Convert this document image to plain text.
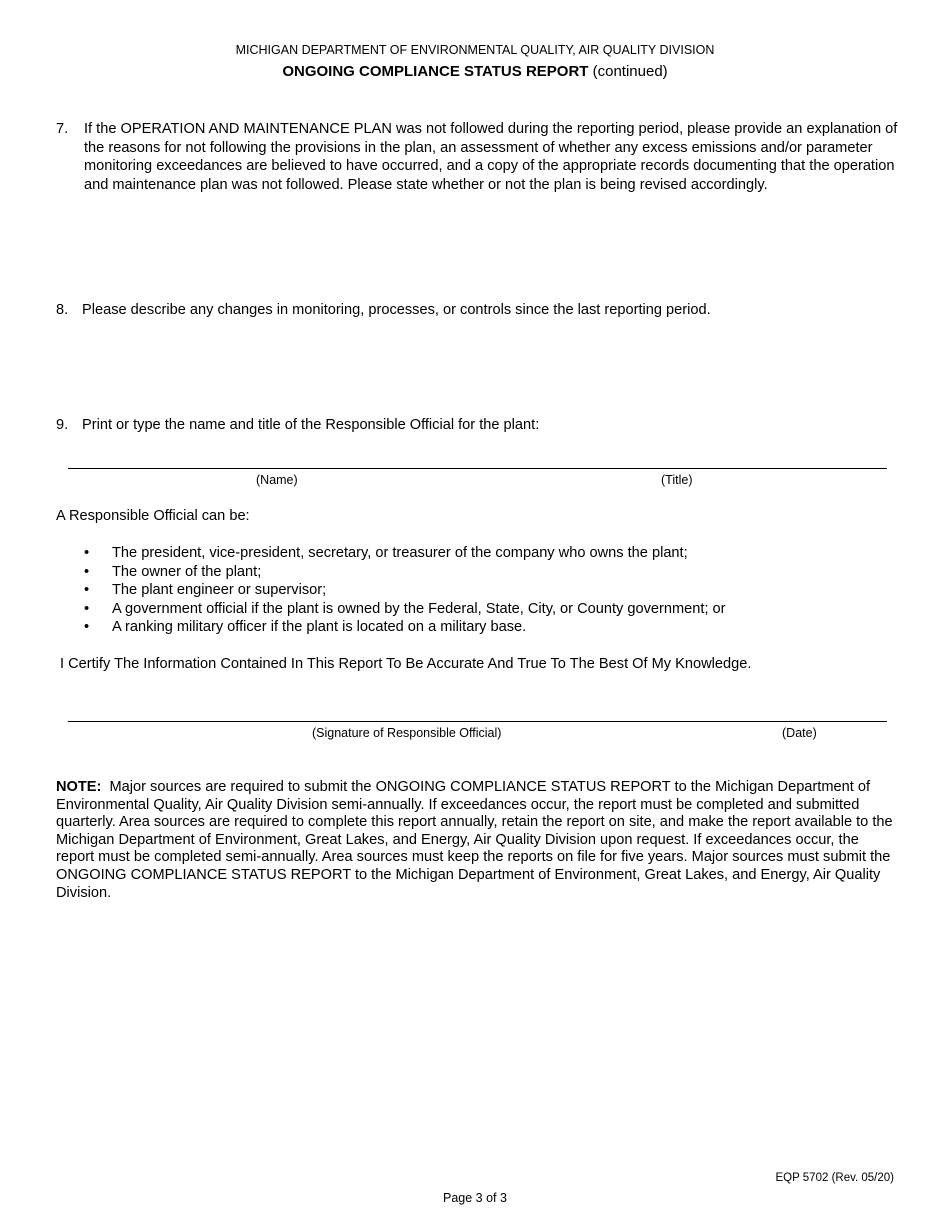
MICHIGAN DEPARTMENT OF ENVIRONMENTAL QUALITY, AIR QUALITY DIVISION
ONGOING COMPLIANCE STATUS REPORT (continued)
7. If the OPERATION AND MAINTENANCE PLAN was not followed during the reporting period, please provide an explanation of the reasons for not following the provisions in the plan, an assessment of whether any excess emissions and/or parameter monitoring exceedances are believed to have occurred, and a copy of the appropriate records documenting that the operation and maintenance plan was not followed. Please state whether or not the plan is being revised accordingly.
8. Please describe any changes in monitoring, processes, or controls since the last reporting period.
9. Print or type the name and title of the Responsible Official for the plant:
(Name)	(Title)
A Responsible Official can be:
• The president, vice-president, secretary, or treasurer of the company who owns the plant;
• The owner of the plant;
• The plant engineer or supervisor;
• A government official if the plant is owned by the Federal, State, City, or County government; or
• A ranking military officer if the plant is located on a military base.
I Certify The Information Contained In This Report To Be Accurate And True To The Best Of My Knowledge.
(Signature of Responsible Official)	(Date)
NOTE: Major sources are required to submit the ONGOING COMPLIANCE STATUS REPORT to the Michigan Department of Environmental Quality, Air Quality Division semi-annually. If exceedances occur, the report must be completed and submitted quarterly. Area sources are required to complete this report annually, retain the report on site, and make the report available to the Michigan Department of Environment, Great Lakes, and Energy, Air Quality Division upon request. If exceedances occur, the report must be completed semi-annually. Area sources must keep the reports on file for five years. Major sources must submit the ONGOING COMPLIANCE STATUS REPORT to the Michigan Department of Environment, Great Lakes, and Energy, Air Quality Division.
EQP 5702 (Rev. 05/20)
Page 3 of 3
